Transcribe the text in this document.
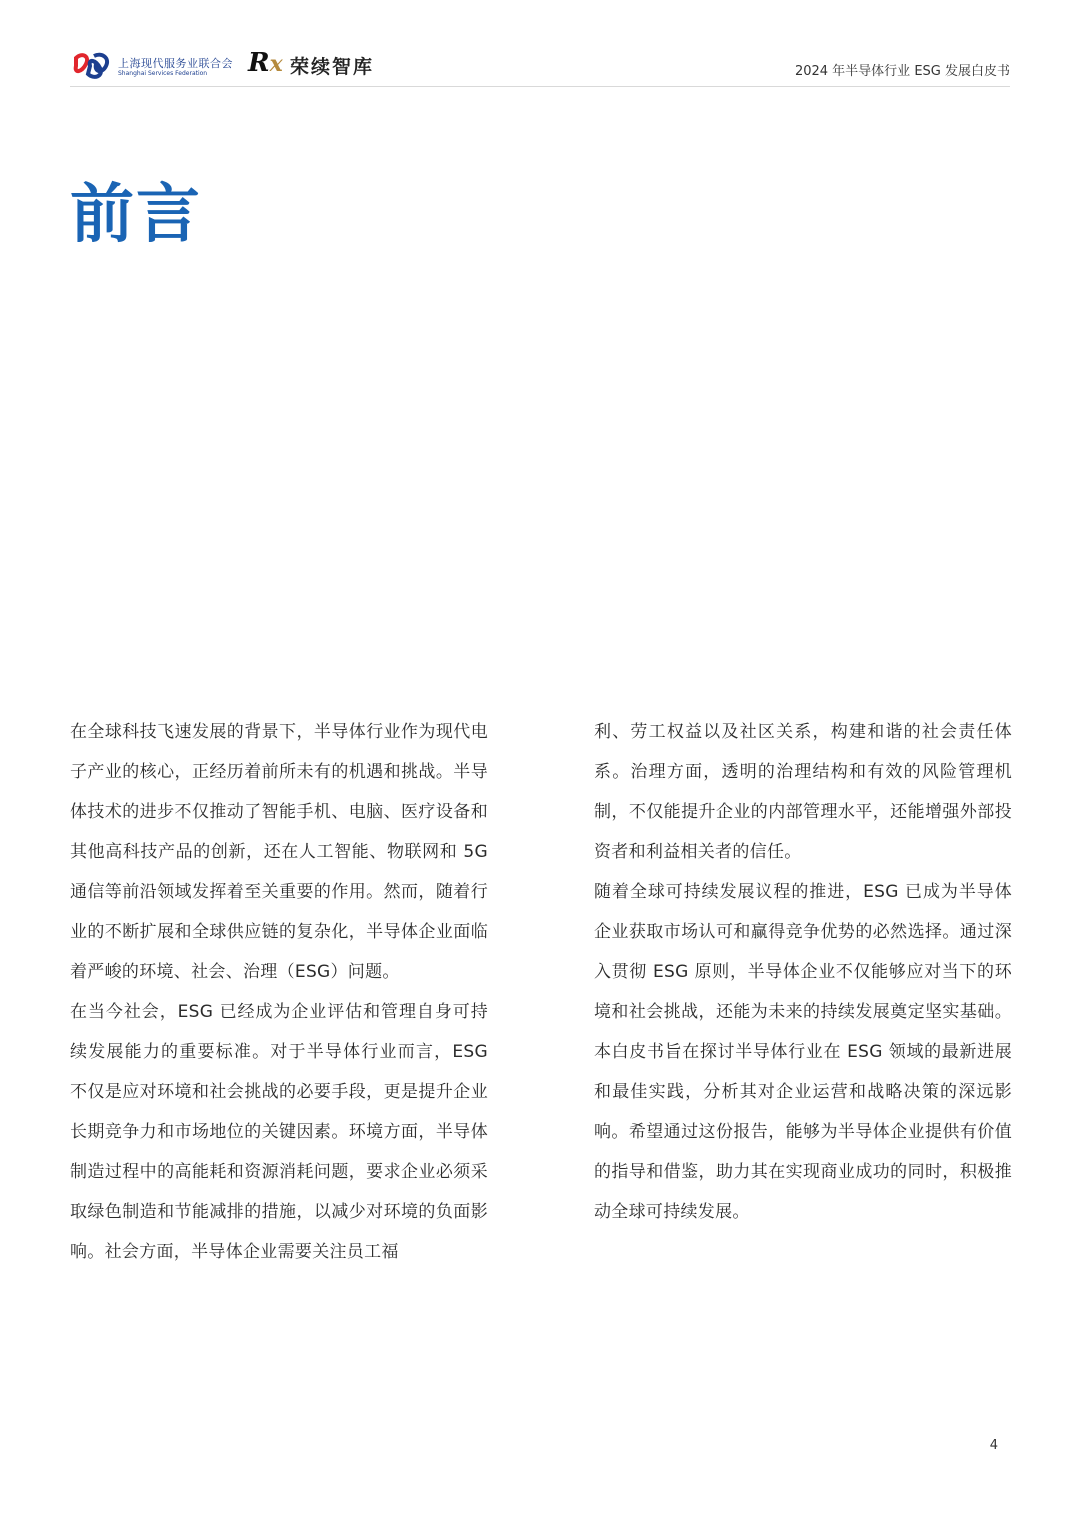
上海现代服务业联合会
Shanghai Services Federation Rx 荣续智库	2024 年半导体行业 ESG 发展白皮书
前言

在全球科技飞速发展的背景下，半导体行业作为现代电子产业的核心，正经历着前所未有的机遇和挑战。半导体技术的进步不仅推动了智能手机、电脑、医疗设备和其他高科技产品的创新，还在人工智能、物联网和 5G 通信等前沿领域发挥着至关重要的作用。然而，随着行业的不断扩展和全球供应链的复杂化，半导体企业面临着严峻的环境、社会、治理（ESG）问题。

在当今社会，ESG 已经成为企业评估和管理自身可持续发展能力的重要标准。对于半导体行业而言，ESG 不仅是应对环境和社会挑战的必要手段，更是提升企业长期竞争力和市场地位的关键因素。环境方面，半导体制造过程中的高能耗和资源消耗问题，要求企业必须采取绿色制造和节能减排的措施，以减少对环境的负面影响。社会方面，半导体企业需要关注员工福

利、劳工权益以及社区关系，构建和谐的社会责任体系。治理方面，透明的治理结构和有效的风险管理机制，不仅能提升企业的内部管理水平，还能增强外部投资者和利益相关者的信任。

随着全球可持续发展议程的推进，ESG 已成为半导体企业获取市场认可和赢得竞争优势的必然选择。通过深入贯彻 ESG 原则，半导体企业不仅能够应对当下的环境和社会挑战，还能为未来的持续发展奠定坚实基础。本白皮书旨在探讨半导体行业在 ESG 领域的最新进展和最佳实践，分析其对企业运营和战略决策的深远影响。希望通过这份报告，能够为半导体企业提供有价值的指导和借鉴，助力其在实现商业成功的同时，积极推动全球可持续发展。

4
